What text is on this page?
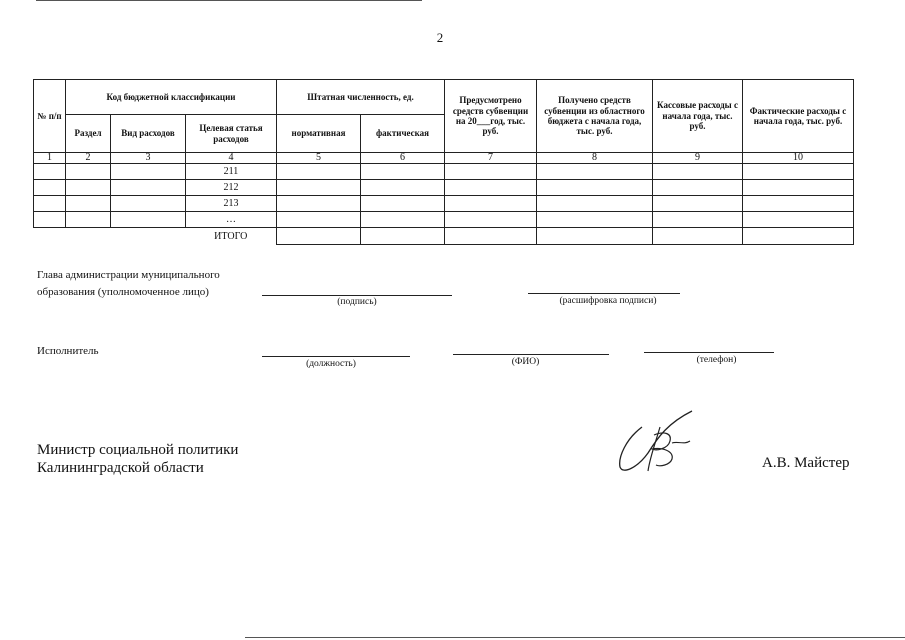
2
№ п/п	Код бюджетной классификации			Штатная численность, ед.		Предусмотрено средств субвенции на 20___год, тыс. руб.	Получено средств субвенции из областного бюджета с начала года, тыс. руб.	Кассовые расходы с начала года, тыс. руб.	Фактические расходы с начала года, тыс. руб.
	Раздел	Вид расходов	Целевая статья расходов	нормативная	фактическая				
1	2	3	4	5	6	7	8	9	10
			211						
			212						
			213						
			…						
			ИТОГО						
Глава администрации муниципального
образования (уполномоченное лицо)
(подпись)	(расшифровка подписи)
Исполнитель
(должность)	(ФИО)	(телефон)
Министр социальной политики
Калининградской области	А.В. Майстер
